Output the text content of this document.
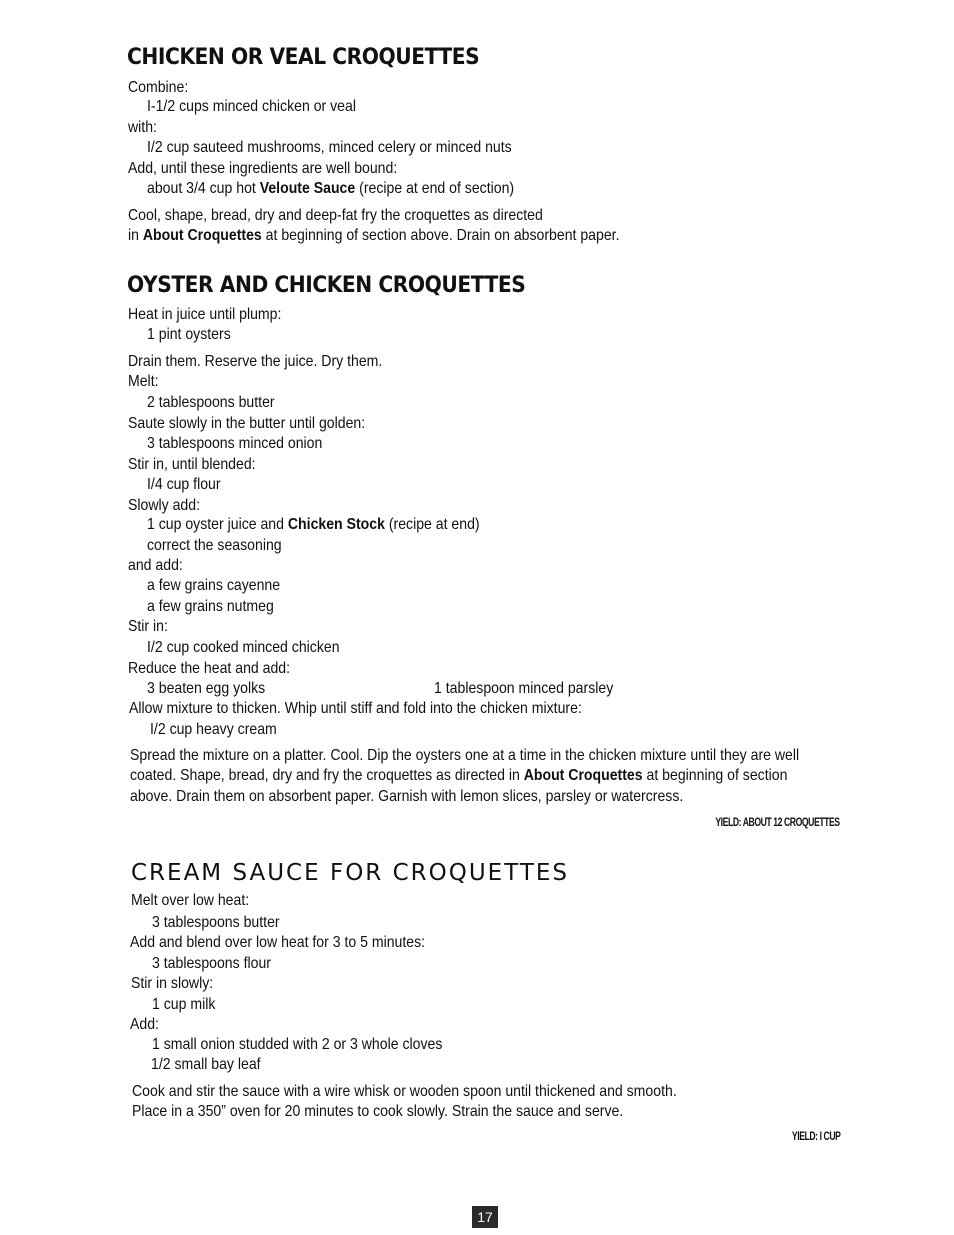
CHICKEN OR VEAL CROQUETTES
Combine:
I-1/2 cups minced chicken or veal
with:
I/2 cup sauteed mushrooms, minced celery or minced nuts
Add, until these ingredients are well bound:
about 3/4 cup hot Veloute Sauce (recipe at end of section)
Cool, shape, bread, dry and deep-fat fry the croquettes as directed
in About Croquettes at beginning of section above. Drain on absorbent paper.
OYSTER AND CHICKEN CROQUETTES
Heat in juice until plump:
1 pint oysters
Drain them. Reserve the juice. Dry them.
Melt:
2 tablespoons butter
Saute slowly in the butter until golden:
3 tablespoons minced onion
Stir in, until blended:
I/4 cup flour
Slowly add:
1 cup oyster juice and Chicken Stock (recipe at end)
correct the seasoning
and add:
a few grains cayenne
a few grains nutmeg
Stir in:
I/2 cup cooked minced chicken
Reduce the heat and add:
3 beaten egg yolks	1 tablespoon minced parsley
Allow mixture to thicken. Whip until stiff and fold into the chicken mixture:
I/2 cup heavy cream
Spread the mixture on a platter. Cool. Dip the oysters one at a time in the chicken mixture until they are well
coated. Shape, bread, dry and fry the croquettes as directed in About Croquettes at beginning of section
above. Drain them on absorbent paper. Garnish with lemon slices, parsley or watercress.
YIELD: ABOUT 12 CROQUETTES
CREAM SAUCE FOR CROQUETTES
Melt over low heat:
3 tablespoons butter
Add and blend over low heat for 3 to 5 minutes:
3 tablespoons flour
Stir in slowly:
1 cup milk
Add:
1 small onion studded with 2 or 3 whole cloves
1/2 small bay leaf
Cook and stir the sauce with a wire whisk or wooden spoon until thickened and smooth.
Place in a 350” oven for 20 minutes to cook slowly. Strain the sauce and serve.
YIELD: I CUP
17
